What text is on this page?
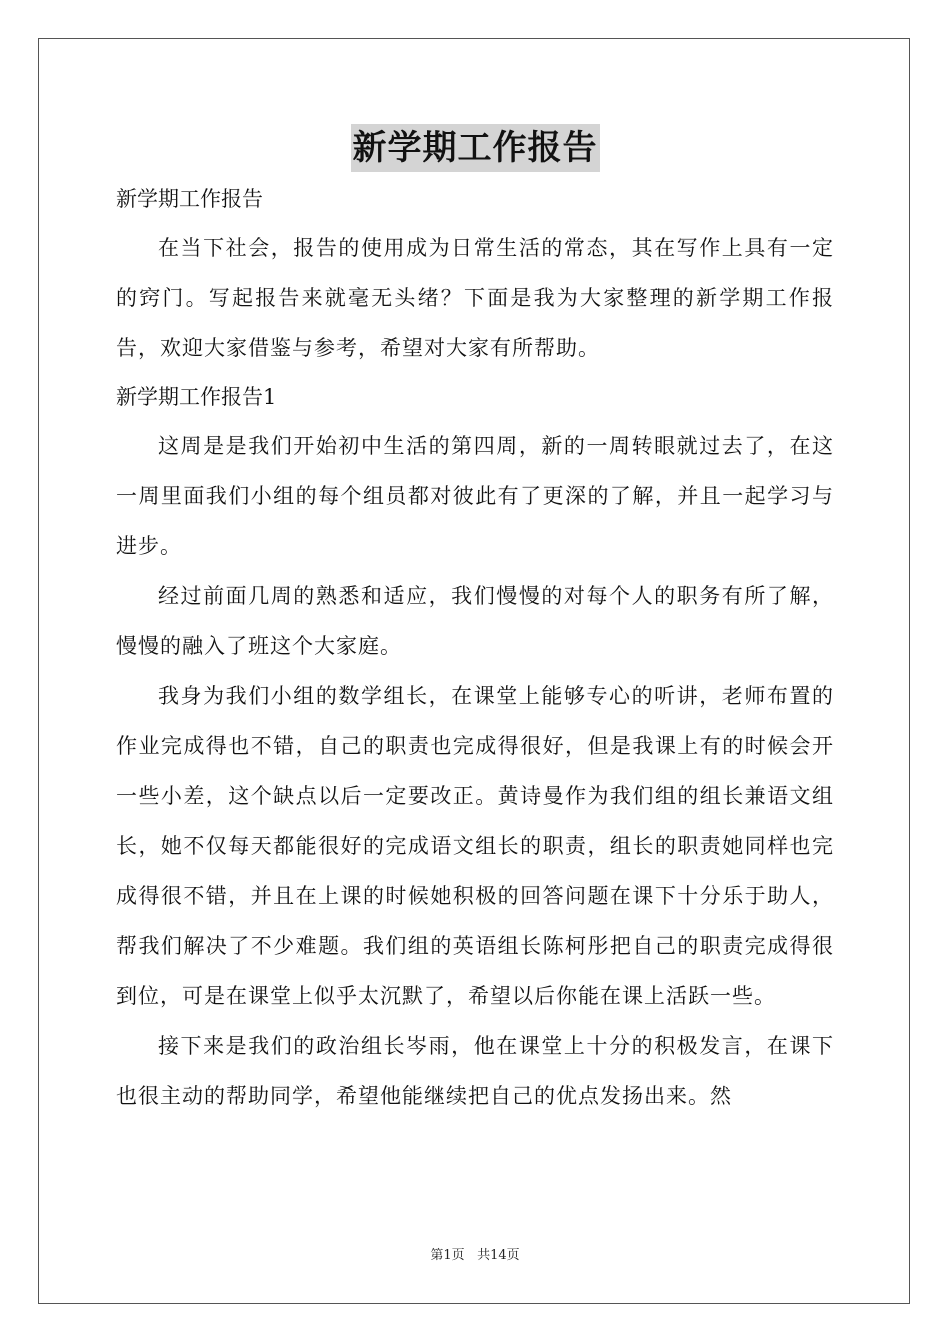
新学期工作报告

新学期工作报告

在当下社会，报告的使用成为日常生活的常态，其在写作上具有一定的窍门。写起报告来就毫无头绪？下面是我为大家整理的新学期工作报告，欢迎大家借鉴与参考，希望对大家有所帮助。

新学期工作报告1

这周是是我们开始初中生活的第四周，新的一周转眼就过去了，在这一周里面我们小组的每个组员都对彼此有了更深的了解，并且一起学习与进步。

经过前面几周的熟悉和适应，我们慢慢的对每个人的职务有所了解，慢慢的融入了班这个大家庭。

我身为我们小组的数学组长，在课堂上能够专心的听讲，老师布置的作业完成得也不错，自己的职责也完成得很好，但是我课上有的时候会开一些小差，这个缺点以后一定要改正。黄诗曼作为我们组的组长兼语文组长，她不仅每天都能很好的完成语文组长的职责，组长的职责她同样也完成得很不错，并且在上课的时候她积极的回答问题在课下十分乐于助人，帮我们解决了不少难题。我们组的英语组长陈柯彤把自己的职责完成得很到位，可是在课堂上似乎太沉默了，希望以后你能在课上活跃一些。

接下来是我们的政治组长岑雨，他在课堂上十分的积极发言，在课下也很主动的帮助同学，希望他能继续把自己的优点发扬出来。然

第1页 共14页
